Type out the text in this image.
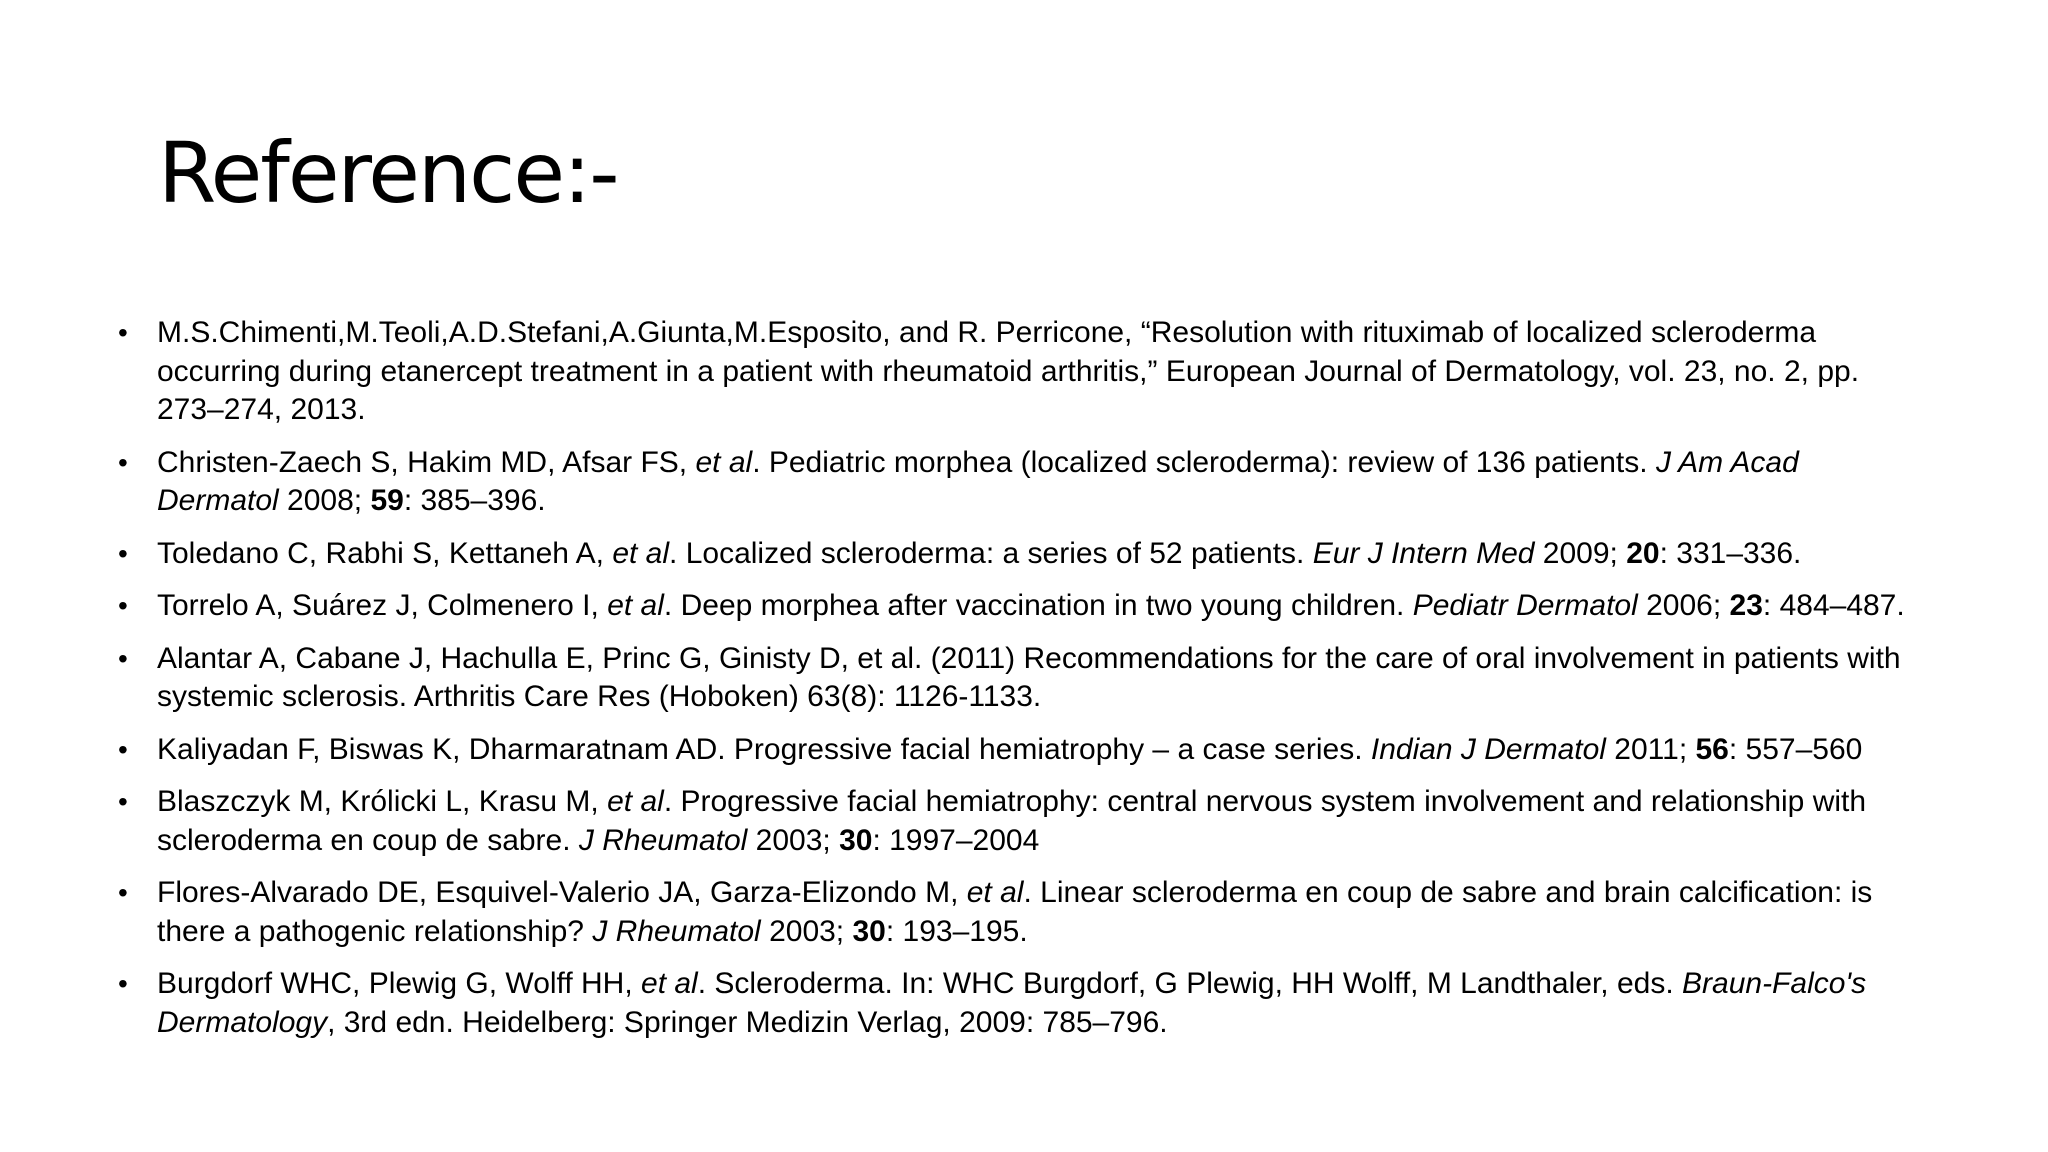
Reference:-
• M.S.Chimenti,M.Teoli,A.D.Stefani,A.Giunta,M.Esposito, and R. Perricone, “Resolution with rituximab of localized scleroderma occurring during etanercept treatment in a patient with rheumatoid arthritis,” European Journal of Dermatology, vol. 23, no. 2, pp. 273–274, 2013.
• Christen-Zaech S, Hakim MD, Afsar FS, et al. Pediatric morphea (localized scleroderma): review of 136 patients. J Am Acad Dermatol 2008; 59: 385–396.
• Toledano C, Rabhi S, Kettaneh A, et al. Localized scleroderma: a series of 52 patients. Eur J Intern Med 2009; 20: 331–336.
• Torrelo A, Suárez J, Colmenero I, et al. Deep morphea after vaccination in two young children. Pediatr Dermatol 2006; 23: 484–487.
• Alantar A, Cabane J, Hachulla E, Princ G, Ginisty D, et al. (2011) Recommendations for the care of oral involvement in patients with systemic sclerosis. Arthritis Care Res (Hoboken) 63(8): 1126-1133.
• Kaliyadan F, Biswas K, Dharmaratnam AD. Progressive facial hemiatrophy – a case series. Indian J Dermatol 2011; 56: 557–560
• Blaszczyk M, Królicki L, Krasu M, et al. Progressive facial hemiatrophy: central nervous system involvement and relationship with scleroderma en coup de sabre. J Rheumatol 2003; 30: 1997–2004
• Flores-Alvarado DE, Esquivel-Valerio JA, Garza-Elizondo M, et al. Linear scleroderma en coup de sabre and brain calcification: is there a pathogenic relationship? J Rheumatol 2003; 30: 193–195.
• Burgdorf WHC, Plewig G, Wolff HH, et al. Scleroderma. In: WHC Burgdorf, G Plewig, HH Wolff, M Landthaler, eds. Braun-Falco's Dermatology, 3rd edn. Heidelberg: Springer Medizin Verlag, 2009: 785–796.
